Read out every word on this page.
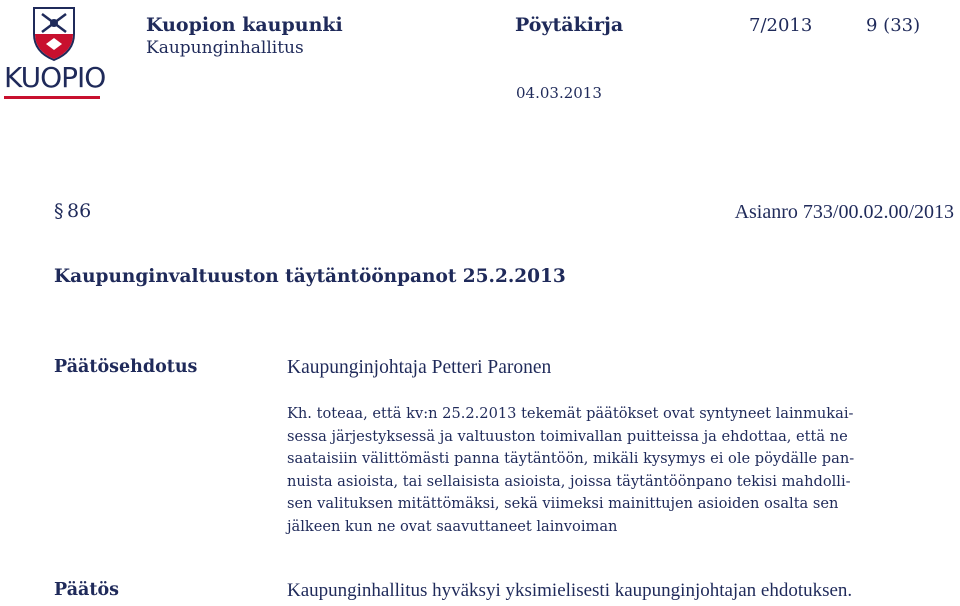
KUOPIO
Kuopion kaupunki
Kaupunginhallitus
Pöytäkirja	7/2013	9 (33)
04.03.2013
§ 86	Asianro 733/00.02.00/2013
Kaupunginvaltuuston täytäntöönpanot 25.2.2013
Päätösehdotus	Kaupunginjohtaja Petteri Paronen
Kh. toteaa, että kv:n 25.2.2013 tekemät päätökset ovat syntyneet lainmukai-
sessa järjestyksessä ja valtuuston toimivallan puitteissa ja ehdottaa, että ne
saataisiin välittömästi panna täytäntöön, mikäli kysymys ei ole pöydälle pan-
nuista asioista, tai sellaisista asioista, joissa täytäntöönpano tekisi mahdolli-
sen valituksen mitättömäksi, sekä viimeksi mainittujen asioiden osalta sen
jälkeen kun ne ovat saavuttaneet lainvoiman
Päätös	Kaupunginhallitus hyväksyi yksimielisesti kaupunginjohtajan ehdotuksen.
